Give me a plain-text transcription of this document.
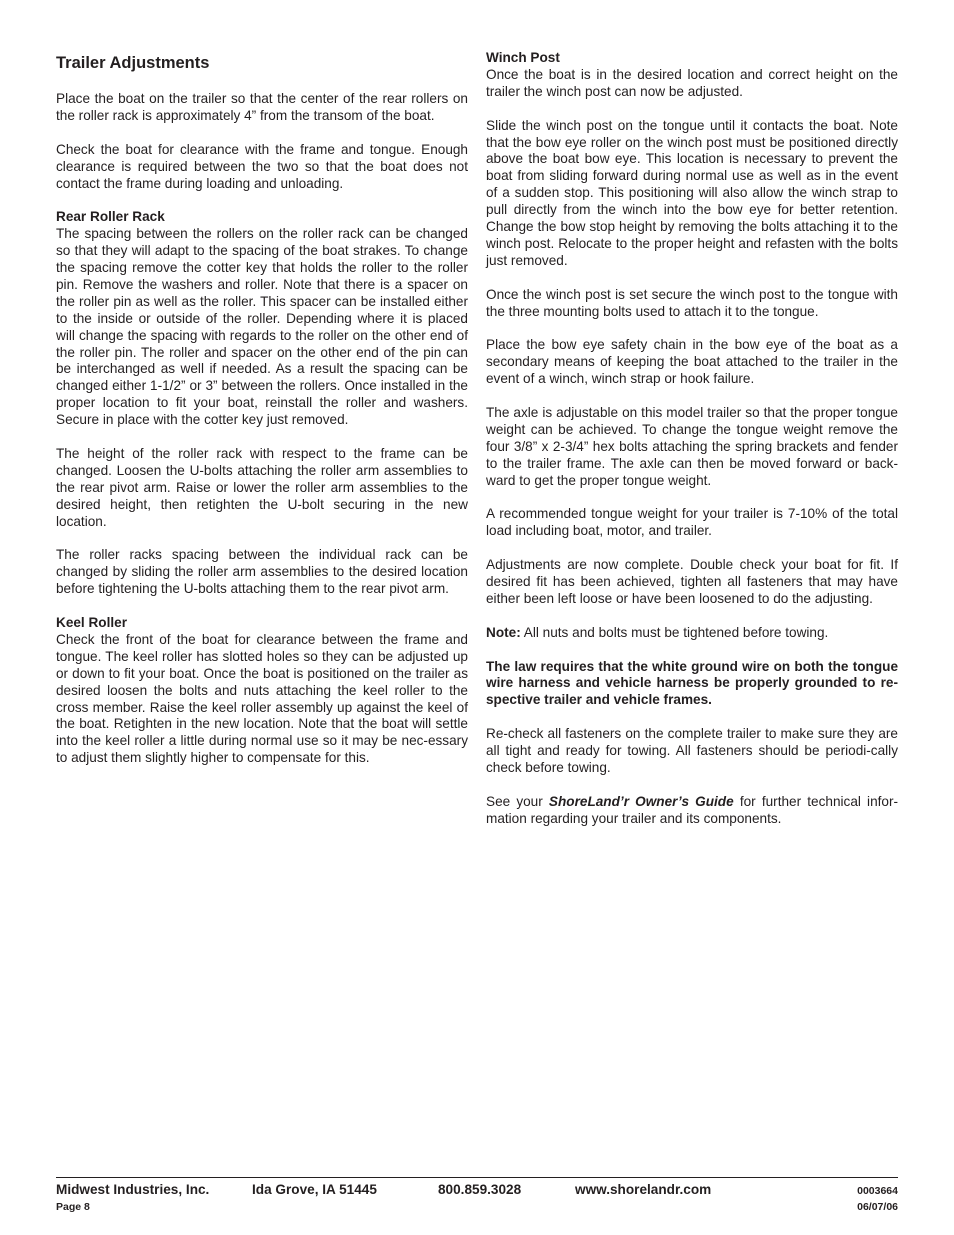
Trailer Adjustments

Place the boat on the trailer so that the center of the rear rollers on the roller rack is approximately 4” from the transom of the boat.

Check the boat for clearance with the frame and tongue. Enough clearance is required between the two so that the boat does not contact the frame during loading and unloading.

Rear Roller Rack

The spacing between the rollers on the roller rack can be changed so that they will adapt to the spacing of the boat strakes. To change the spacing remove the cotter key that holds the roller to the roller pin. Remove the washers and roller. Note that there is a spacer on the roller pin as well as the roller. This spacer can be installed either to the inside or outside of the roller. Depending where it is placed will change the spacing with regards to the roller on the other end of the roller pin. The roller and spacer on the other end of the pin can be interchanged as well if needed. As a result the spacing can be changed either 1-1/2” or 3” between the rollers. Once installed in the proper location to fit your boat, reinstall the roller and washers. Secure in place with the cotter key just removed.

The height of the roller rack with respect to the frame can be changed. Loosen the U-bolts attaching the roller arm assemblies to the rear pivot arm. Raise or lower the roller arm assemblies to the desired height, then retighten the U-bolt securing in the new location.

The roller racks spacing between the individual rack can be changed by sliding the roller arm assemblies to the desired location before tightening the U-bolts attaching them to the rear pivot arm.

Keel Roller

Check the front of the boat for clearance between the frame and tongue. The keel roller has slotted holes so they can be adjusted up or down to fit your boat. Once the boat is positioned on the trailer as desired loosen the bolts and nuts attaching the keel roller to the cross member. Raise the keel roller assembly up against the keel of the boat. Retighten in the new location. Note that the boat will settle into the keel roller a little during normal use so it may be nec-essary to adjust them slightly higher to compensate for this.

Winch Post

Once the boat is in the desired location and correct height on the trailer the winch post can now be adjusted.

Slide the winch post on the tongue until it contacts the boat. Note that the bow eye roller on the winch post must be positioned directly above the boat bow eye. This location is necessary to prevent the boat from sliding forward during normal use as well as in the event of a sudden stop. This positioning will also allow the winch strap to pull directly from the winch into the bow eye for better retention. Change the bow stop height by removing the bolts attaching it to the winch post. Relocate to the proper height and refasten with the bolts just removed.

Once the winch post is set secure the winch post to the tongue with the three mounting bolts used to attach it to the tongue.

Place the bow eye safety chain in the bow eye of the boat as a secondary means of keeping the boat attached to the trailer in the event of a winch, winch strap or hook failure.

The axle is adjustable on this model trailer so that the proper tongue weight can be achieved. To change the tongue weight remove the four 3/8” x 2-3/4” hex bolts attaching the spring brackets and fender to the trailer frame. The axle can then be moved forward or back-ward to get the proper tongue weight.

A recommended tongue weight for your trailer is 7-10% of the total load including boat, motor, and trailer.

Adjustments are now complete. Double check your boat for fit. If desired fit has been achieved, tighten all fasteners that may have either been left loose or have been loosened to do the adjusting.

Note: All nuts and bolts must be tightened before towing.

The law requires that the white ground wire on both the tongue wire harness and vehicle harness be properly grounded to re-spective trailer and vehicle frames.

Re-check all fasteners on the complete trailer to make sure they are all tight and ready for towing. All fasteners should be periodi-cally check before towing.

See your ShoreLand’r Owner’s Guide for further technical infor-mation regarding your trailer and its components.

Midwest Industries, Inc.	Ida Grove, IA 51445	800.859.3028	www.shorelandr.com	0003664
Page 8	06/07/06
